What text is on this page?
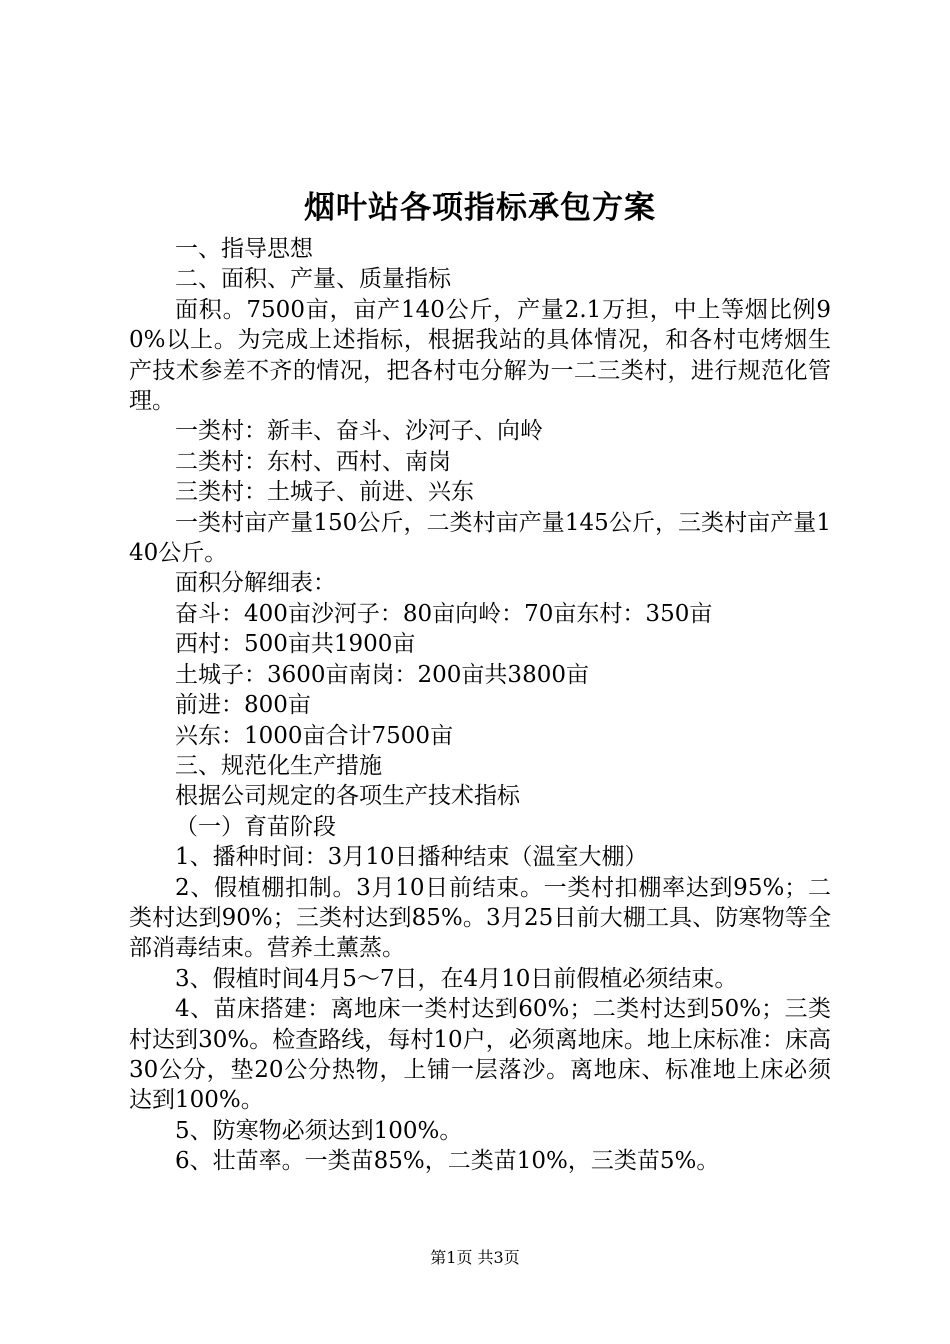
烟叶站各项指标承包方案

一、指导思想

二、面积、产量、质量指标

面积。7500亩，亩产140公斤，产量2.1万担，中上等烟比例90%以上。为完成上述指标，根据我站的具体情况，和各村屯烤烟生产技术参差不齐的情况，把各村屯分解为一二三类村，进行规范化管理。

一类村：新丰、奋斗、沙河子、向岭

二类村：东村、西村、南岗

三类村：土城子、前进、兴东

一类村亩产量150公斤，二类村亩产量145公斤，三类村亩产量140公斤。

面积分解细表：

奋斗：400亩沙河子：80亩向岭：70亩东村：350亩

西村：500亩共1900亩

土城子：3600亩南岗：200亩共3800亩

前进：800亩

兴东：1000亩合计7500亩

三、规范化生产措施

根据公司规定的各项生产技术指标

（一）育苗阶段

1、播种时间：3月10日播种结束（温室大棚）

2、假植棚扣制。3月10日前结束。一类村扣棚率达到95%；二类村达到90%；三类村达到85%。3月25日前大棚工具、防寒物等全部消毒结束。营养土薰蒸。

3、假植时间4月5～7日，在4月10日前假植必须结束。

4、苗床搭建：离地床一类村达到60%；二类村达到50%；三类村达到30%。检查路线，每村10户，必须离地床。地上床标准：床高30公分，垫20公分热物，上铺一层落沙。离地床、标准地上床必须达到100%。

5、防寒物必须达到100%。

6、壮苗率。一类苗85%，二类苗10%，三类苗5%。

第1页 共3页
